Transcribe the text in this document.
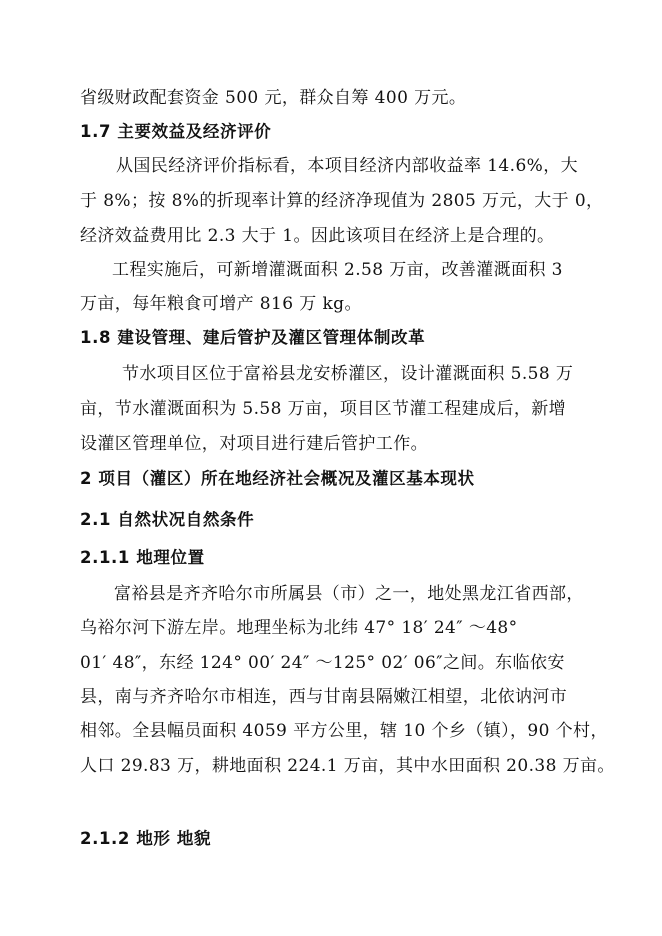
省级财政配套资金 500 元，群众自筹 400 万元。
1.7 主要效益及经济评价
从国民经济评价指标看，本项目经济内部收益率 14.6%，大
于 8%；按 8%的折现率计算的经济净现值为 2805 万元，大于 0，
经济效益费用比 2.3 大于 1。因此该项目在经济上是合理的。
工程实施后，可新增灌溉面积 2.58 万亩，改善灌溉面积 3
万亩，每年粮食可增产 816 万 kg。
1.8 建设管理、建后管护及灌区管理体制改革
节水项目区位于富裕县龙安桥灌区，设计灌溉面积 5.58 万
亩，节水灌溉面积为 5.58 万亩，项目区节灌工程建成后，新增
设灌区管理单位，对项目进行建后管护工作。
2 项目（灌区）所在地经济社会概况及灌区基本现状
2.1 自然状况自然条件
2.1.1 地理位置
富裕县是齐齐哈尔市所属县（市）之一，地处黑龙江省西部，
乌裕尔河下游左岸。地理坐标为北纬 47° 18′ 24″ ～48°
01′ 48″，东经 124° 00′ 24″ ～125° 02′ 06″之间。东临依安
县，南与齐齐哈尔市相连，西与甘南县隔嫩江相望，北依讷河市
相邻。全县幅员面积 4059 平方公里，辖 10 个乡（镇），90 个村，
人口 29.83 万，耕地面积 224.1 万亩，其中水田面积 20.38 万亩。
2.1.2 地形 地貌
